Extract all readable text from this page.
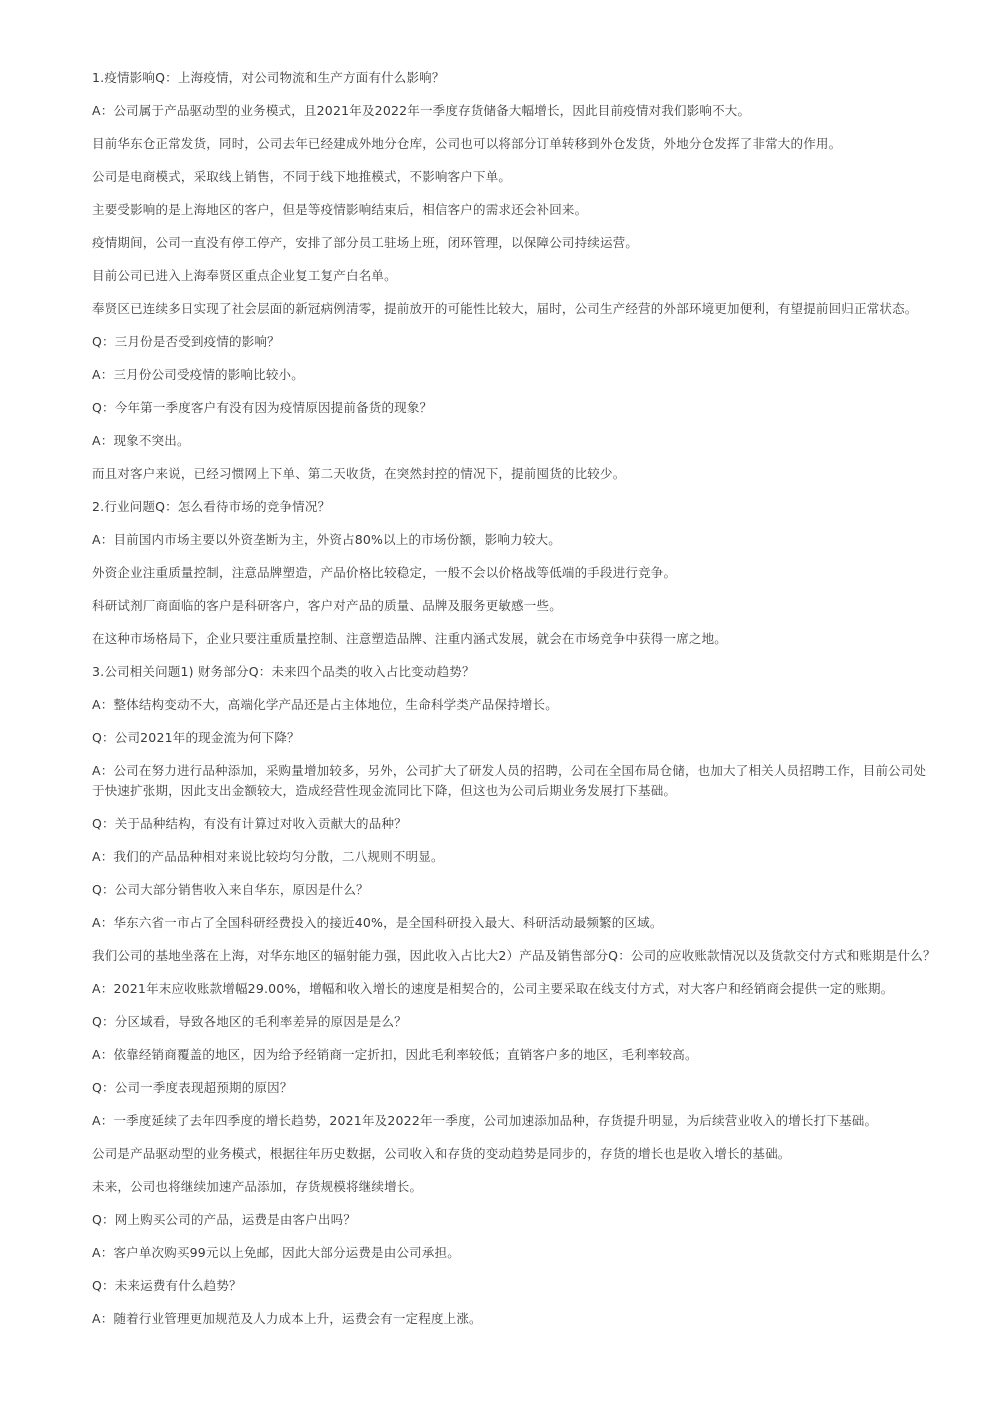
1.疫情影响Q：上海疫情，对公司物流和生产方面有什么影响？

A：公司属于产品驱动型的业务模式，且2021年及2022年一季度存货储备大幅增长，因此目前疫情对我们影响不大。

目前华东仓正常发货，同时，公司去年已经建成外地分仓库，公司也可以将部分订单转移到外仓发货，外地分仓发挥了非常大的作用。

公司是电商模式，采取线上销售，不同于线下地推模式，不影响客户下单。

主要受影响的是上海地区的客户，但是等疫情影响结束后，相信客户的需求还会补回来。

疫情期间，公司一直没有停工停产，安排了部分员工驻场上班，闭环管理，以保障公司持续运营。

目前公司已进入上海奉贤区重点企业复工复产白名单。

奉贤区已连续多日实现了社会层面的新冠病例清零，提前放开的可能性比较大，届时，公司生产经营的外部环境更加便利，有望提前回归正常状态。

Q：三月份是否受到疫情的影响？

A：三月份公司受疫情的影响比较小。

Q：今年第一季度客户有没有因为疫情原因提前备货的现象？

A：现象不突出。

而且对客户来说，已经习惯网上下单、第二天收货，在突然封控的情况下，提前囤货的比较少。

2.行业问题Q：怎么看待市场的竞争情况？

A：目前国内市场主要以外资垄断为主，外资占80%以上的市场份额，影响力较大。

外资企业注重质量控制，注意品牌塑造，产品价格比较稳定，一般不会以价格战等低端的手段进行竞争。

科研试剂厂商面临的客户是科研客户，客户对产品的质量、品牌及服务更敏感一些。

在这种市场格局下，企业只要注重质量控制、注意塑造品牌、注重内涵式发展，就会在市场竞争中获得一席之地。

3.公司相关问题1) 财务部分Q：未来四个品类的收入占比变动趋势？

A：整体结构变动不大，高端化学产品还是占主体地位，生命科学类产品保持增长。

Q：公司2021年的现金流为何下降？

A：公司在努力进行品种添加，采购量增加较多，另外，公司扩大了研发人员的招聘，公司在全国布局仓储，也加大了相关人员招聘工作，目前公司处于快速扩张期，因此支出金额较大，造成经营性现金流同比下降，但这也为公司后期业务发展打下基础。

Q：关于品种结构，有没有计算过对收入贡献大的品种？

A：我们的产品品种相对来说比较均匀分散，二八规则不明显。

Q：公司大部分销售收入来自华东，原因是什么？

A：华东六省一市占了全国科研经费投入的接近40%，是全国科研投入最大、科研活动最频繁的区域。

我们公司的基地坐落在上海，对华东地区的辐射能力强，因此收入占比大2）产品及销售部分Q：公司的应收账款情况以及货款交付方式和账期是什么？

A：2021年末应收账款增幅29.00%，增幅和收入增长的速度是相契合的，公司主要采取在线支付方式，对大客户和经销商会提供一定的账期。

Q：分区域看，导致各地区的毛利率差异的原因是是么？

A：依靠经销商覆盖的地区，因为给予经销商一定折扣，因此毛利率较低；直销客户多的地区，毛利率较高。

Q：公司一季度表现超预期的原因？

A：一季度延续了去年四季度的增长趋势，2021年及2022年一季度，公司加速添加品种，存货提升明显，为后续营业收入的增长打下基础。

公司是产品驱动型的业务模式，根据往年历史数据，公司收入和存货的变动趋势是同步的，存货的增长也是收入增长的基础。

未来，公司也将继续加速产品添加，存货规模将继续增长。

Q：网上购买公司的产品，运费是由客户出吗？

A：客户单次购买99元以上免邮，因此大部分运费是由公司承担。

Q：未来运费有什么趋势？

A：随着行业管理更加规范及人力成本上升，运费会有一定程度上涨。
